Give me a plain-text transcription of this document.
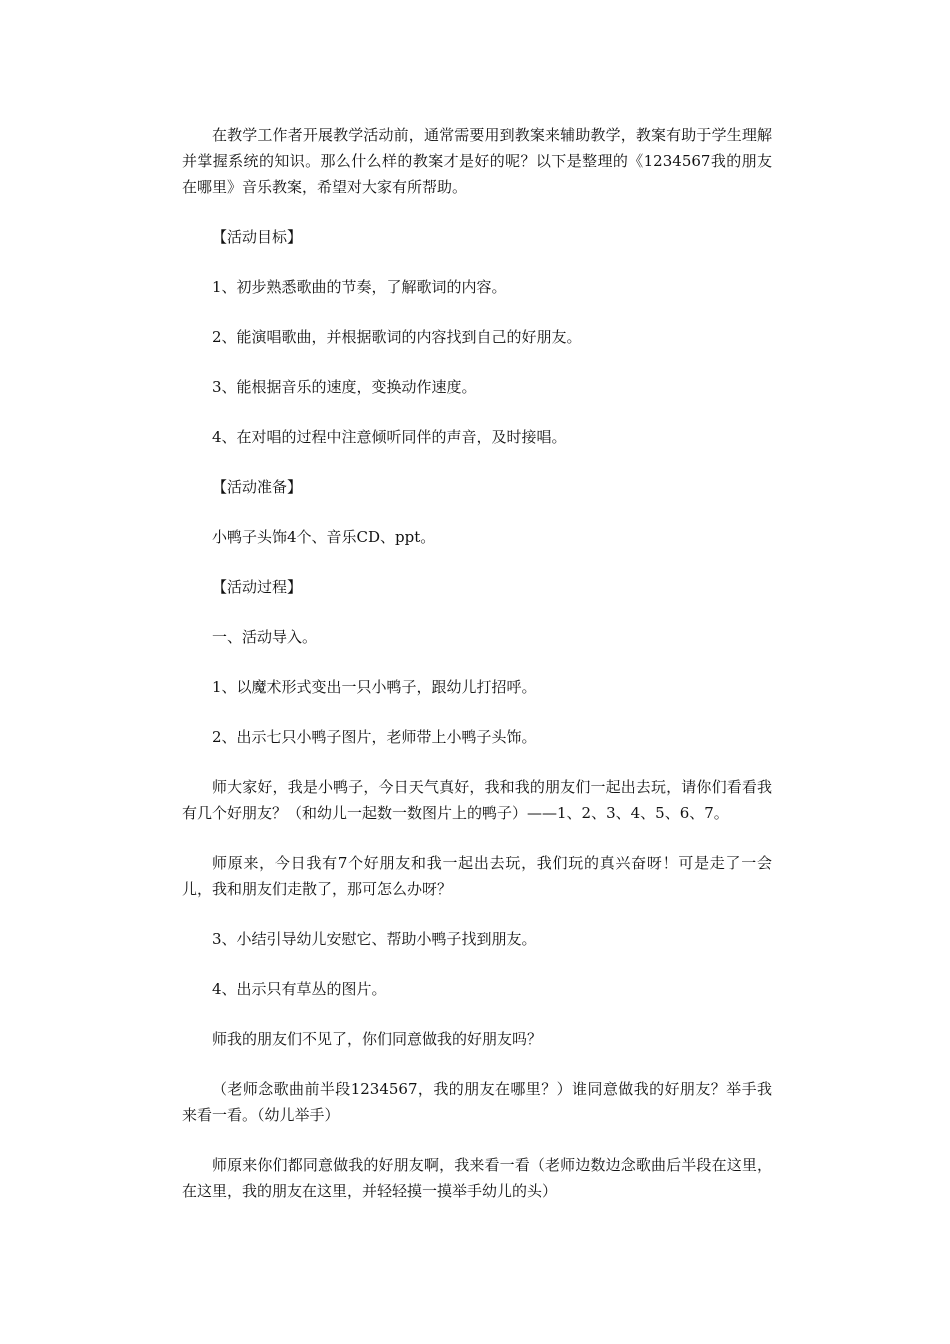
在教学工作者开展教学活动前，通常需要用到教案来辅助教学，教案有助于学生理解并掌握系统的知识。那么什么样的教案才是好的呢？以下是整理的《1234567我的朋友在哪里》音乐教案，希望对大家有所帮助。

【活动目标】

1、初步熟悉歌曲的节奏，了解歌词的内容。

2、能演唱歌曲，并根据歌词的内容找到自己的好朋友。

3、能根据音乐的速度，变换动作速度。

4、在对唱的过程中注意倾听同伴的声音，及时接唱。

【活动准备】

小鸭子头饰4个、音乐CD、ppt。

【活动过程】

一、活动导入。

1、以魔术形式变出一只小鸭子，跟幼儿打招呼。

2、出示七只小鸭子图片，老师带上小鸭子头饰。

师大家好，我是小鸭子，今日天气真好，我和我的朋友们一起出去玩，请你们看看我有几个好朋友？（和幼儿一起数一数图片上的鸭子）——1、2、3、4、5、6、7。

师原来，今日我有7个好朋友和我一起出去玩，我们玩的真兴奋呀！可是走了一会儿，我和朋友们走散了，那可怎么办呀？

3、小结引导幼儿安慰它、帮助小鸭子找到朋友。

4、出示只有草丛的图片。

师我的朋友们不见了，你们同意做我的好朋友吗？

（老师念歌曲前半段1234567，我的朋友在哪里？）谁同意做我的好朋友？举手我来看一看。（幼儿举手）

师原来你们都同意做我的好朋友啊，我来看一看（老师边数边念歌曲后半段在这里，在这里，我的朋友在这里，并轻轻摸一摸举手幼儿的头）
